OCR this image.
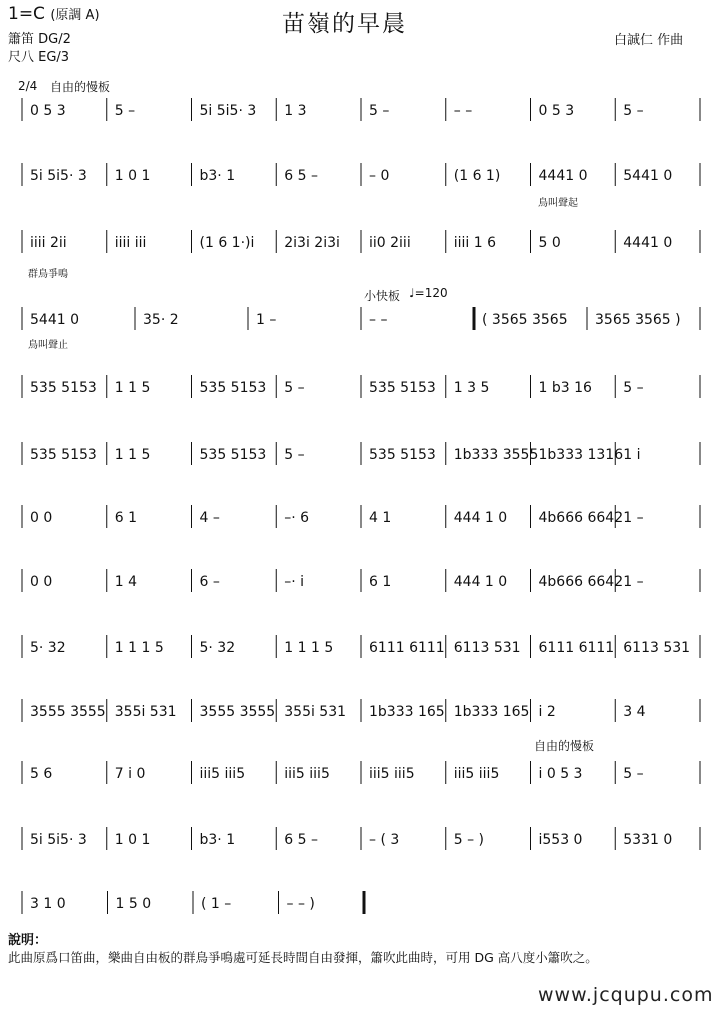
1=C (原調 A)	苗嶺的早晨
白誠仁 作曲
簫笛 DG/2
尺八 EG/3
2/4 自由的慢板
小快板 ♩=120
自由的慢板
鳥叫聲起
群鳥爭鳴
鳥叫聲止
0 5 3	5 –	5i 5i5· 3 1 3	5 –	– –	0 5 3	5 –
5i 5i5· 3 1 0 1	b3· 1	6 5 –	– 0	(1 6 1)	4441 0	5441 0
iiii 2ii	iiii iii	(1 6 1·)i 2i3i 2i3i ii0 2iii	iiii 1 6	5 0	4441 0
5441 0	35· 2	1 –	– –	( 3565 3565 3565 3565 )
535 5153 1 1 5	535 5153 5 –	535 5153 1 3 5	1 b3 16 5 –
535 5153 1 1 5	535 5153 5 –	535 5153 1b333 3555 1b333 1316 1 i
0 0	6 1	4 –	–· 6	4 1	444 1 0 4b666 6642 1 –
0 0	1 4	6 –	–· i	6 1	444 1 0 4b666 6642 1 –
5· 32	1 1 1 5	5· 32	1 1 1 5	6111 6111 6113 531 6111 6111 6113 531
3555 3555 355i 531 3555 3555 355i 531 1b333 165 1b333 165 i 2	3 4
5 6	7 i 0	iii5 iii5	iii5 iii5	iii5 iii5	iii5 iii5	i 0 5 3	5 –
5i 5i5· 3 1 0 1	b3· 1	6 5 –	– ( 3	5 – )	i553 0	5331 0
3 1 0	1 5 0	( 1 –	– – )
說明：
此曲原爲口笛曲，樂曲自由板的群鳥爭鳴處可延長時間自由發揮，簫吹此曲時，可用 DG 高八度小簫吹之。
www.jcqupu.com
